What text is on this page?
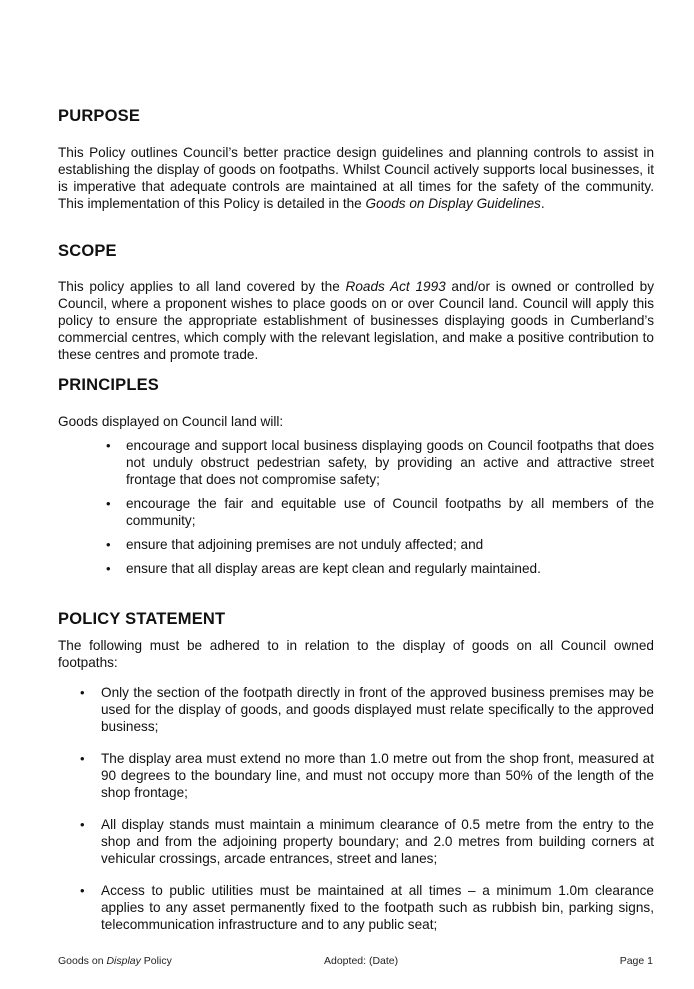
PURPOSE

This Policy outlines Council’s better practice design guidelines and planning controls to assist in establishing the display of goods on footpaths. Whilst Council actively supports local businesses, it is imperative that adequate controls are maintained at all times for the safety of the community. This implementation of this Policy is detailed in the Goods on Display Guidelines.

SCOPE

This policy applies to all land covered by the Roads Act 1993 and/or is owned or controlled by Council, where a proponent wishes to place goods on or over Council land. Council will apply this policy to ensure the appropriate establishment of businesses displaying goods in Cumberland’s commercial centres, which comply with the relevant legislation, and make a positive contribution to these centres and promote trade.

PRINCIPLES

Goods displayed on Council land will:

• encourage and support local business displaying goods on Council footpaths that does not unduly obstruct pedestrian safety, by providing an active and attractive street frontage that does not compromise safety;
• encourage the fair and equitable use of Council footpaths by all members of the community;
• ensure that adjoining premises are not unduly affected; and
• ensure that all display areas are kept clean and regularly maintained.
POLICY STATEMENT

The following must be adhered to in relation to the display of goods on all Council owned footpaths:

• Only the section of the footpath directly in front of the approved business premises may be used for the display of goods, and goods displayed must relate specifically to the approved business;
• The display area must extend no more than 1.0 metre out from the shop front, measured at 90 degrees to the boundary line, and must not occupy more than 50% of the length of the shop frontage;
• All display stands must maintain a minimum clearance of 0.5 metre from the entry to the shop and from the adjoining property boundary; and 2.0 metres from building corners at vehicular crossings, arcade entrances, street and lanes;
• Access to public utilities must be maintained at all times – a minimum 1.0m clearance applies to any asset permanently fixed to the footpath such as rubbish bin, parking signs, telecommunication infrastructure and to any public seat;
Goods on Display Policy	Adopted: (Date)	Page 1
